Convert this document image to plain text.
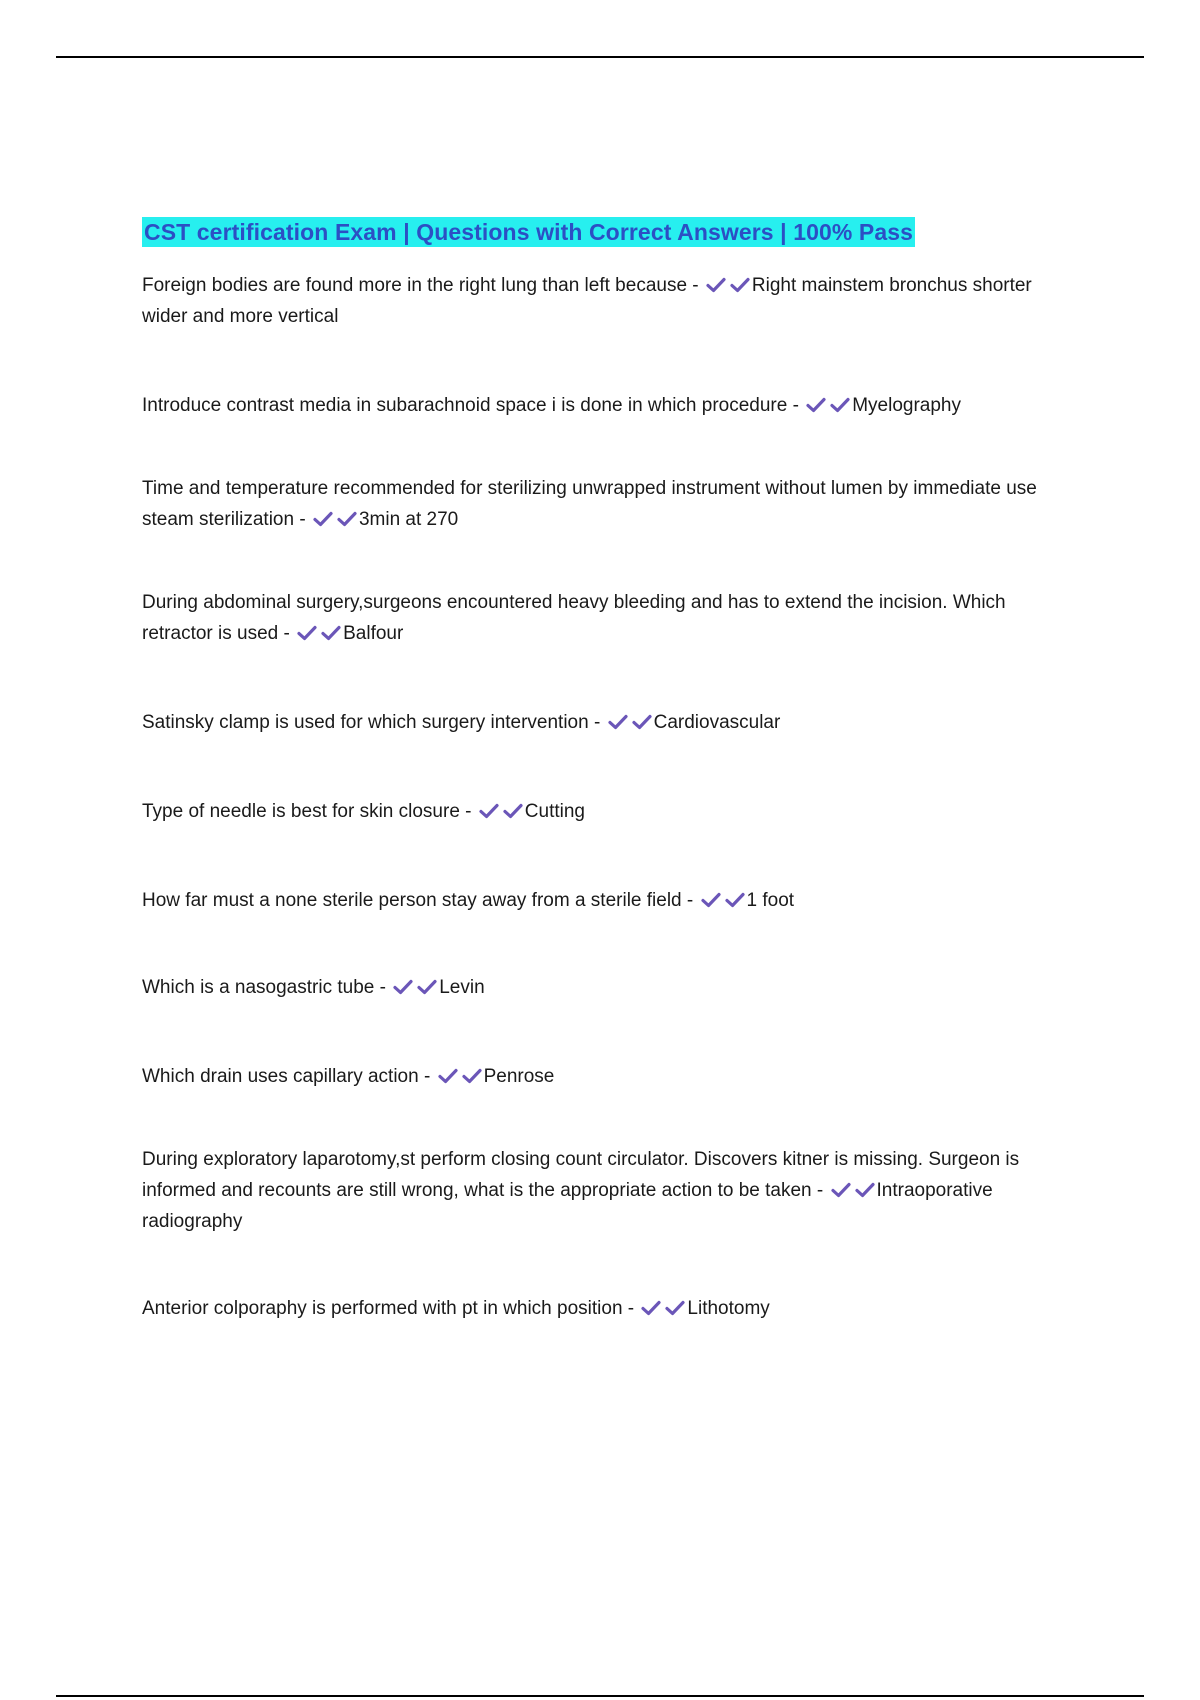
CST certification Exam | Questions with Correct Answers | 100% Pass

Foreign bodies are found more in the right lung than left because -	Right mainstem bronchus shorter wider and more vertical

Introduce contrast media in subarachnoid space i is done in which procedure -	Myelography

Time and temperature recommended for sterilizing unwrapped instrument without lumen by immediate use steam sterilization -	3min at 270

During abdominal surgery,surgeons encountered heavy bleeding and has to extend the incision. Which retractor is used -	Balfour

Satinsky clamp is used for which surgery intervention -	Cardiovascular

Type of needle is best for skin closure -	Cutting

How far must a none sterile person stay away from a sterile field -	1 foot

Which is a nasogastric tube -	Levin

Which drain uses capillary action -	Penrose

During exploratory laparotomy,st perform closing count circulator. Discovers kitner is missing. Surgeon is informed and recounts are still wrong, what is the appropriate action to be taken -	Intraoporative radiography

Anterior colporaphy is performed with pt in which position -	Lithotomy
